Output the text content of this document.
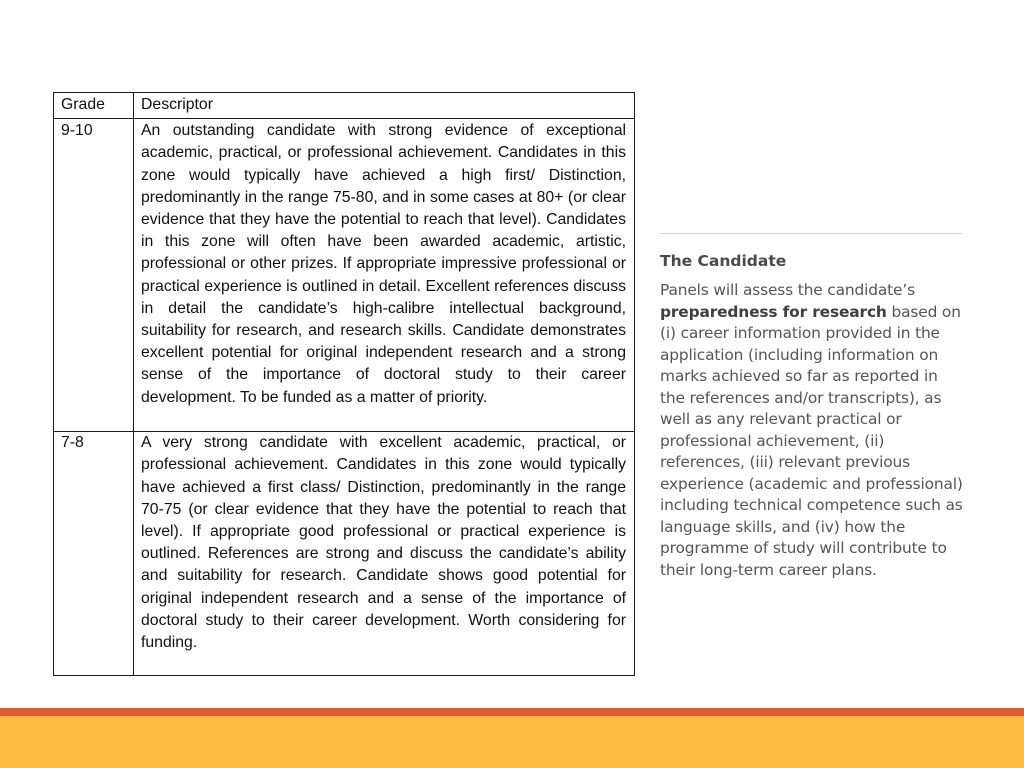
Grade	Descriptor
9-10	An outstanding candidate with strong evidence of exceptional academic, practical, or professional achievement. Candidates in this zone would typically have achieved a high first/ Distinction, predominantly in the range 75-80, and in some cases at 80+ (or clear evidence that they have the potential to reach that level). Candidates in this zone will often have been awarded academic, artistic, professional or other prizes. If appropriate impressive professional or practical experience is outlined in detail. Excellent references discuss in detail the candidate’s high-calibre intellectual background, suitability for research, and research skills. Candidate demonstrates excellent potential for original independent research and a strong sense of the importance of doctoral study to their career development. To be funded as a matter of priority.
7-8	A very strong candidate with excellent academic, practical, or professional achievement. Candidates in this zone would typically have achieved a first class/ Distinction, predominantly in the range 70-75 (or clear evidence that they have the potential to reach that level). If appropriate good professional or practical experience is outlined. References are strong and discuss the candidate’s ability and suitability for research. Candidate shows good potential for original independent research and a sense of the importance of doctoral study to their career development. Worth considering for funding.
The Candidate

Panels will assess the candidate’s preparedness for research based on (i) career information provided in the application (including information on marks achieved so far as reported in the references and/or transcripts), as well as any relevant practical or professional achievement, (ii) references, (iii) relevant previous experience (academic and professional) including technical competence such as language skills, and (iv) how the programme of study will contribute to their long-term career plans.
